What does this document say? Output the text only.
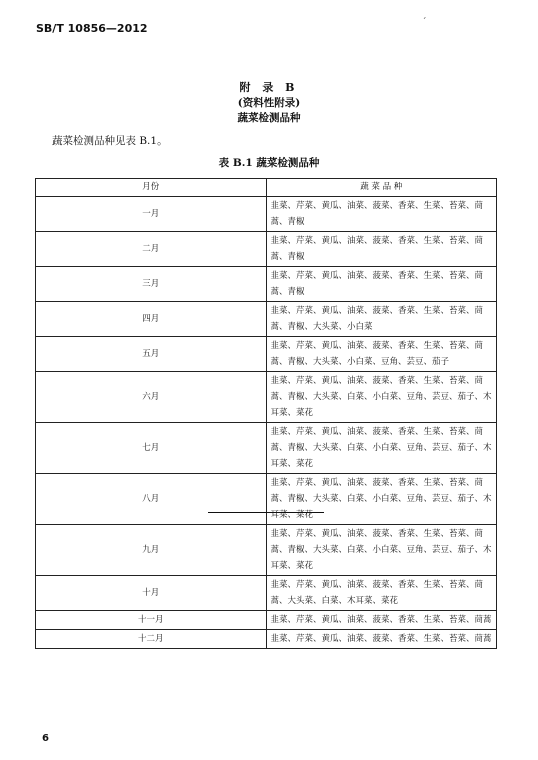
SB/T 10856—2012	ˊ
附 录 B
(资料性附录)
蔬菜检测品种
蔬菜检测品种见表 B.1。
表 B.1 蔬菜检测品种
月份	蔬 菜 品 种
一月	韭菜、芹菜、黄瓜、油菜、菠菜、香菜、生菜、苔菜、茼蒿、青椒
二月	韭菜、芹菜、黄瓜、油菜、菠菜、香菜、生菜、苔菜、茼蒿、青椒
三月	韭菜、芹菜、黄瓜、油菜、菠菜、香菜、生菜、苔菜、茼蒿、青椒
四月	韭菜、芹菜、黄瓜、油菜、菠菜、香菜、生菜、苔菜、茼蒿、青椒、大头菜、小白菜
五月	韭菜、芹菜、黄瓜、油菜、菠菜、香菜、生菜、苔菜、茼蒿、青椒、大头菜、小白菜、豆角、芸豆、茄子
六月	韭菜、芹菜、黄瓜、油菜、菠菜、香菜、生菜、苔菜、茼蒿、青椒、大头菜、白菜、小白菜、豆角、芸豆、茄子、木耳菜、菜花
七月	韭菜、芹菜、黄瓜、油菜、菠菜、香菜、生菜、苔菜、茼蒿、青椒、大头菜、白菜、小白菜、豆角、芸豆、茄子、木耳菜、菜花
八月	韭菜、芹菜、黄瓜、油菜、菠菜、香菜、生菜、苔菜、茼蒿、青椒、大头菜、白菜、小白菜、豆角、芸豆、茄子、木耳菜、菜花
九月	韭菜、芹菜、黄瓜、油菜、菠菜、香菜、生菜、苔菜、茼蒿、青椒、大头菜、白菜、小白菜、豆角、芸豆、茄子、木耳菜、菜花
十月	韭菜、芹菜、黄瓜、油菜、菠菜、香菜、生菜、苔菜、茼蒿、大头菜、白菜、木耳菜、菜花
十一月	韭菜、芹菜、黄瓜、油菜、菠菜、香菜、生菜、苔菜、茼蒿
十二月	韭菜、芹菜、黄瓜、油菜、菠菜、香菜、生菜、苔菜、茼蒿
6
